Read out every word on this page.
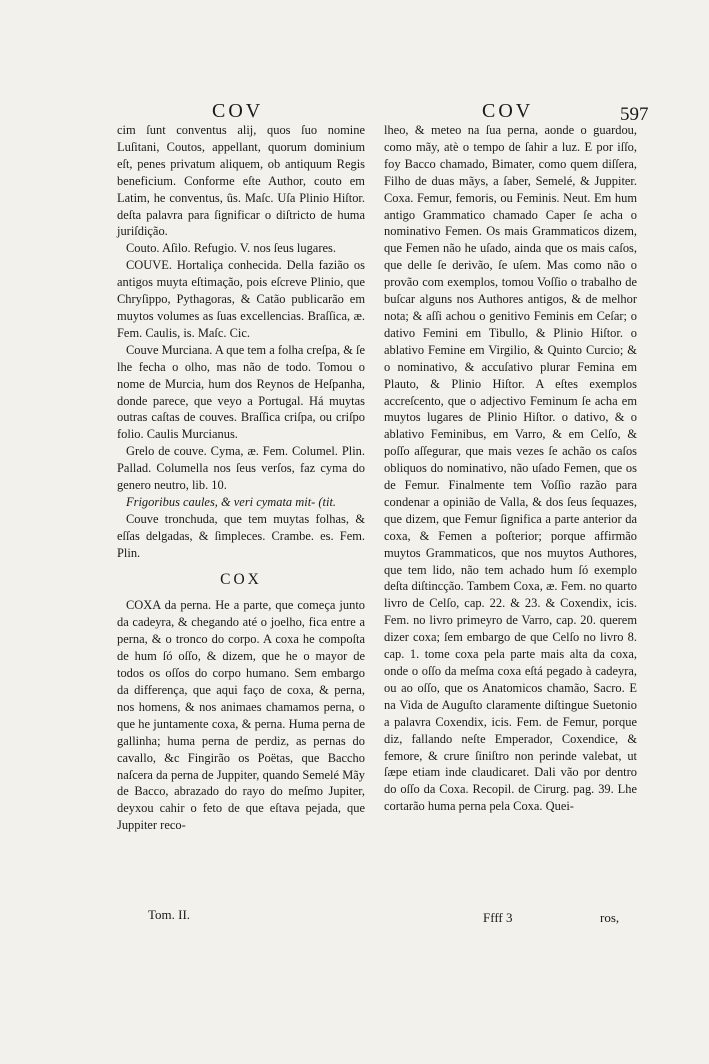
COV	COV	597

cim ſunt conventus alij, quos ſuo nomine Luſitani, Coutos, appellant, quorum dominium eſt, penes privatum aliquem, ob antiquum Regis beneficium. Conforme eſte Author, couto em Latim, he conventus, ûs. Maſc. Uſa Plinio Hiſtor. deſta palavra para ſignificar o diſtricto de huma juriſdição.

Couto. Aſilo. Refugio. V. nos ſeus lugares.

COUVE. Hortaliça conhecida. Della fazião os antigos muyta eſtimação, pois eſcreve Plinio, que Chryſippo, Pythagoras, & Catão publicarão em muytos volumes as ſuas excellencias. Braſſica, æ. Fem. Caulis, is. Maſc. Cic.

Couve Murciana. A que tem a folha creſpa, & ſe lhe fecha o olho, mas não de todo. Tomou o nome de Murcia, hum dos Reynos de Heſpanha, donde parece, que veyo a Portugal. Há muytas outras caſtas de couves. Braſſica criſpa, ou criſpo folio. Caulis Murcianus.

Grelo de couve. Cyma, æ. Fem. Columel. Plin. Pallad. Columella nos ſeus verſos, faz cyma do genero neutro, lib. 10.

Frigoribus caules, & veri cymata mit- (tit.

Couve tronchuda, que tem muytas folhas, & eſſas delgadas, & ſimpleces. Crambe. es. Fem. Plin.

COX

COXA da perna. He a parte, que começa junto da cadeyra, & chegando até o joelho, fica entre a perna, & o tronco do corpo. A coxa he compoſta de hum ſó oſſo, & dizem, que he o mayor de todos os oſſos do corpo humano. Sem embargo da differença, que aqui faço de coxa, & perna, nos homens, & nos animaes chamamos perna, o que he juntamente coxa, & perna. Huma perna de gallinha; huma perna de perdiz, as pernas do cavallo, &c Fingirão os Poëtas, que Baccho naſcera da perna de Juppiter, quando Semelé Mãy de Bacco, abrazado do rayo do meſmo Jupiter, deyxou cahir o feto de que eſtava pejada, que Juppiter reco-

lheo, & meteo na ſua perna, aonde o guardou, como mãy, atè o tempo de ſahir a luz. E por iſſo, foy Bacco chamado, Bimater, como quem diſſera, Filho de duas mãys, a ſaber, Semelé, & Juppiter. Coxa. Femur, femoris, ou Feminis. Neut. Em hum antigo Grammatico chamado Caper ſe acha o nominativo Femen. Os mais Grammaticos dizem, que Femen não he uſado, ainda que os mais caſos, que delle ſe derivão, ſe uſem. Mas como não o provão com exemplos, tomou Voſſio o trabalho de buſcar alguns nos Authores antigos, & de melhor nota; & aſſi achou o genitivo Feminis em Ceſar; o dativo Femini em Tibullo, & Plinio Hiſtor. o ablativo Femine em Virgilio, & Quinto Curcio; & o nominativo, & accuſativo plurar Femina em Plauto, & Plinio Hiſtor. A eſtes exemplos accreſcento, que o adjectivo Feminum ſe acha em muytos lugares de Plinio Hiſtor. o dativo, & o ablativo Feminibus, em Varro, & em Celſo, & poſſo aſſegurar, que mais vezes ſe achão os caſos obliquos do nominativo, não uſado Femen, que os de Femur. Finalmente tem Voſſio razão para condenar a opinião de Valla, & dos ſeus ſequazes, que dizem, que Femur ſignifica a parte anterior da coxa, & Femen a poſterior; porque affirmão muytos Grammaticos, que nos muytos Authores, que tem lido, não tem achado hum ſó exemplo deſta diſtincção. Tambem Coxa, æ. Fem. no quarto livro de Celſo, cap. 22. & 23. & Coxendix, icis. Fem. no livro primeyro de Varro, cap. 20. querem dizer coxa; ſem embargo de que Celſo no livro 8. cap. 1. tome coxa pela parte mais alta da coxa, onde o oſſo da meſma coxa eſtá pegado à cadeyra, ou ao oſſo, que os Anatomicos chamão, Sacro. E na Vida de Auguſto claramente diſtingue Suetonio a palavra Coxendix, icis. Fem. de Femur, porque diz, fallando neſte Emperador, Coxendice, & femore, & crure ſiniſtro non perinde valebat, ut ſæpe etiam inde claudicaret. Dali vão por dentro do oſſo da Coxa. Recopil. de Cirurg. pag. 39. Lhe cortarão huma perna pela Coxa. Quei-

Tom. II.	Ffff 3	ros,
